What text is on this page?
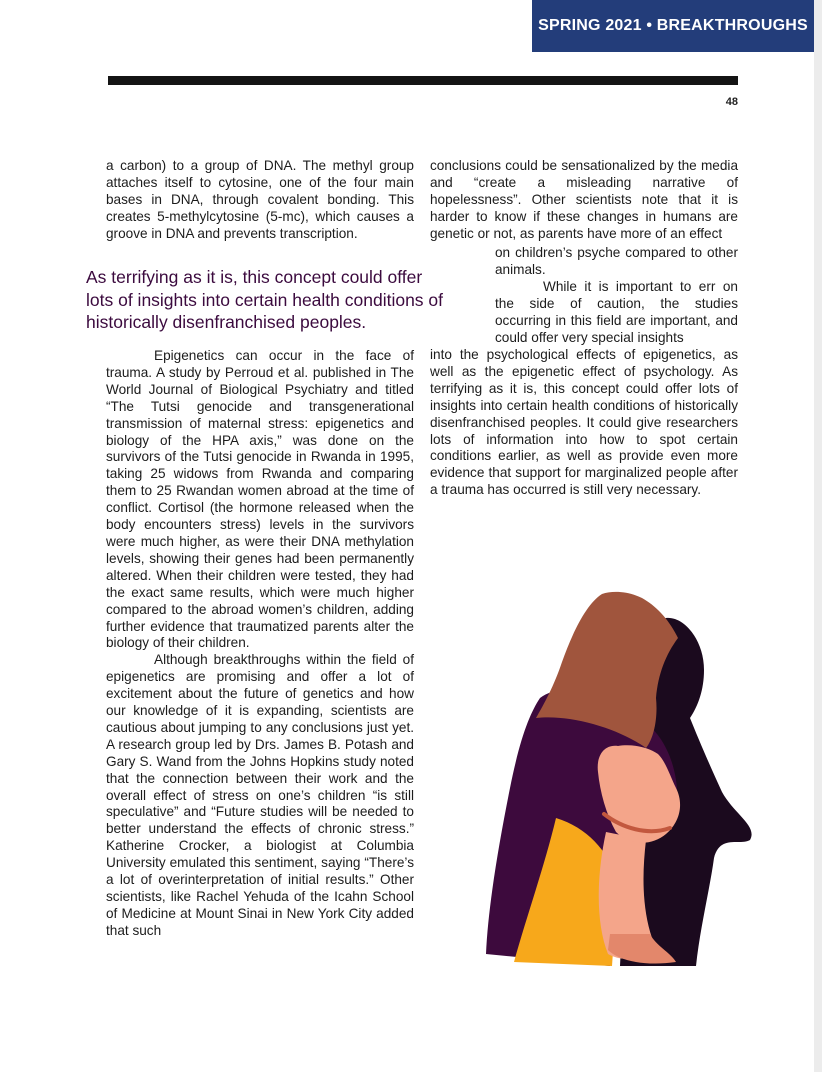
SPRING 2021 • BREAKTHROUGHS
48

a carbon) to a group of DNA. The methyl group attaches itself to cytosine, one of the four main bases in DNA, through covalent bonding. This creates 5-methylcytosine (5-mc), which causes a groove in DNA and prevents transcription.

As terrifying as it is, this concept could offer lots of insights into certain health conditions of historically disenfranchised peoples.

Epigenetics can occur in the face of trauma. A study by Perroud et al. published in The World Journal of Biological Psychiatry and titled “The Tutsi genocide and transgenerational transmission of maternal stress: epigenetics and biology of the HPA axis,” was done on the survivors of the Tutsi genocide in Rwanda in 1995, taking 25 widows from Rwanda and comparing them to 25 Rwandan women abroad at the time of conflict. Cortisol (the hormone released when the body encounters stress) levels in the survivors were much higher, as were their DNA methylation levels, showing their genes had been permanently altered. When their children were tested, they had the exact same results, which were much higher compared to the abroad women’s children, adding further evidence that traumatized parents alter the biology of their children.

Although breakthroughs within the field of epigenetics are promising and offer a lot of excitement about the future of genetics and how our knowledge of it is expanding, scientists are cautious about jumping to any conclusions just yet. A research group led by Drs. James B. Potash and Gary S. Wand from the Johns Hopkins study noted that the connection between their work and the overall effect of stress on one’s children “is still speculative” and “Future studies will be needed to better understand the effects of chronic stress.” Katherine Crocker, a biologist at Columbia University emulated this sentiment, saying “There’s a lot of overinterpretation of initial results.” Other scientists, like Rachel Yehuda of the Icahn School of Medicine at Mount Sinai in New York City added that such

conclusions could be sensationalized by the media and “create a misleading narrative of hopelessness”. Other scientists note that it is harder to know if these changes in humans are genetic or not, as parents have more of an effect

on children’s psyche compared to other animals.

While it is important to err on the side of caution, the studies occurring in this field are important, and could offer very special insights

into the psychological effects of epigenetics, as well as the epigenetic effect of psychology. As terrifying as it is, this concept could offer lots of insights into certain health conditions of historically disenfranchised peoples. It could give researchers lots of information into how to spot certain conditions earlier, as well as provide even more evidence that support for marginalized people after a trauma has occurred is still very necessary.
